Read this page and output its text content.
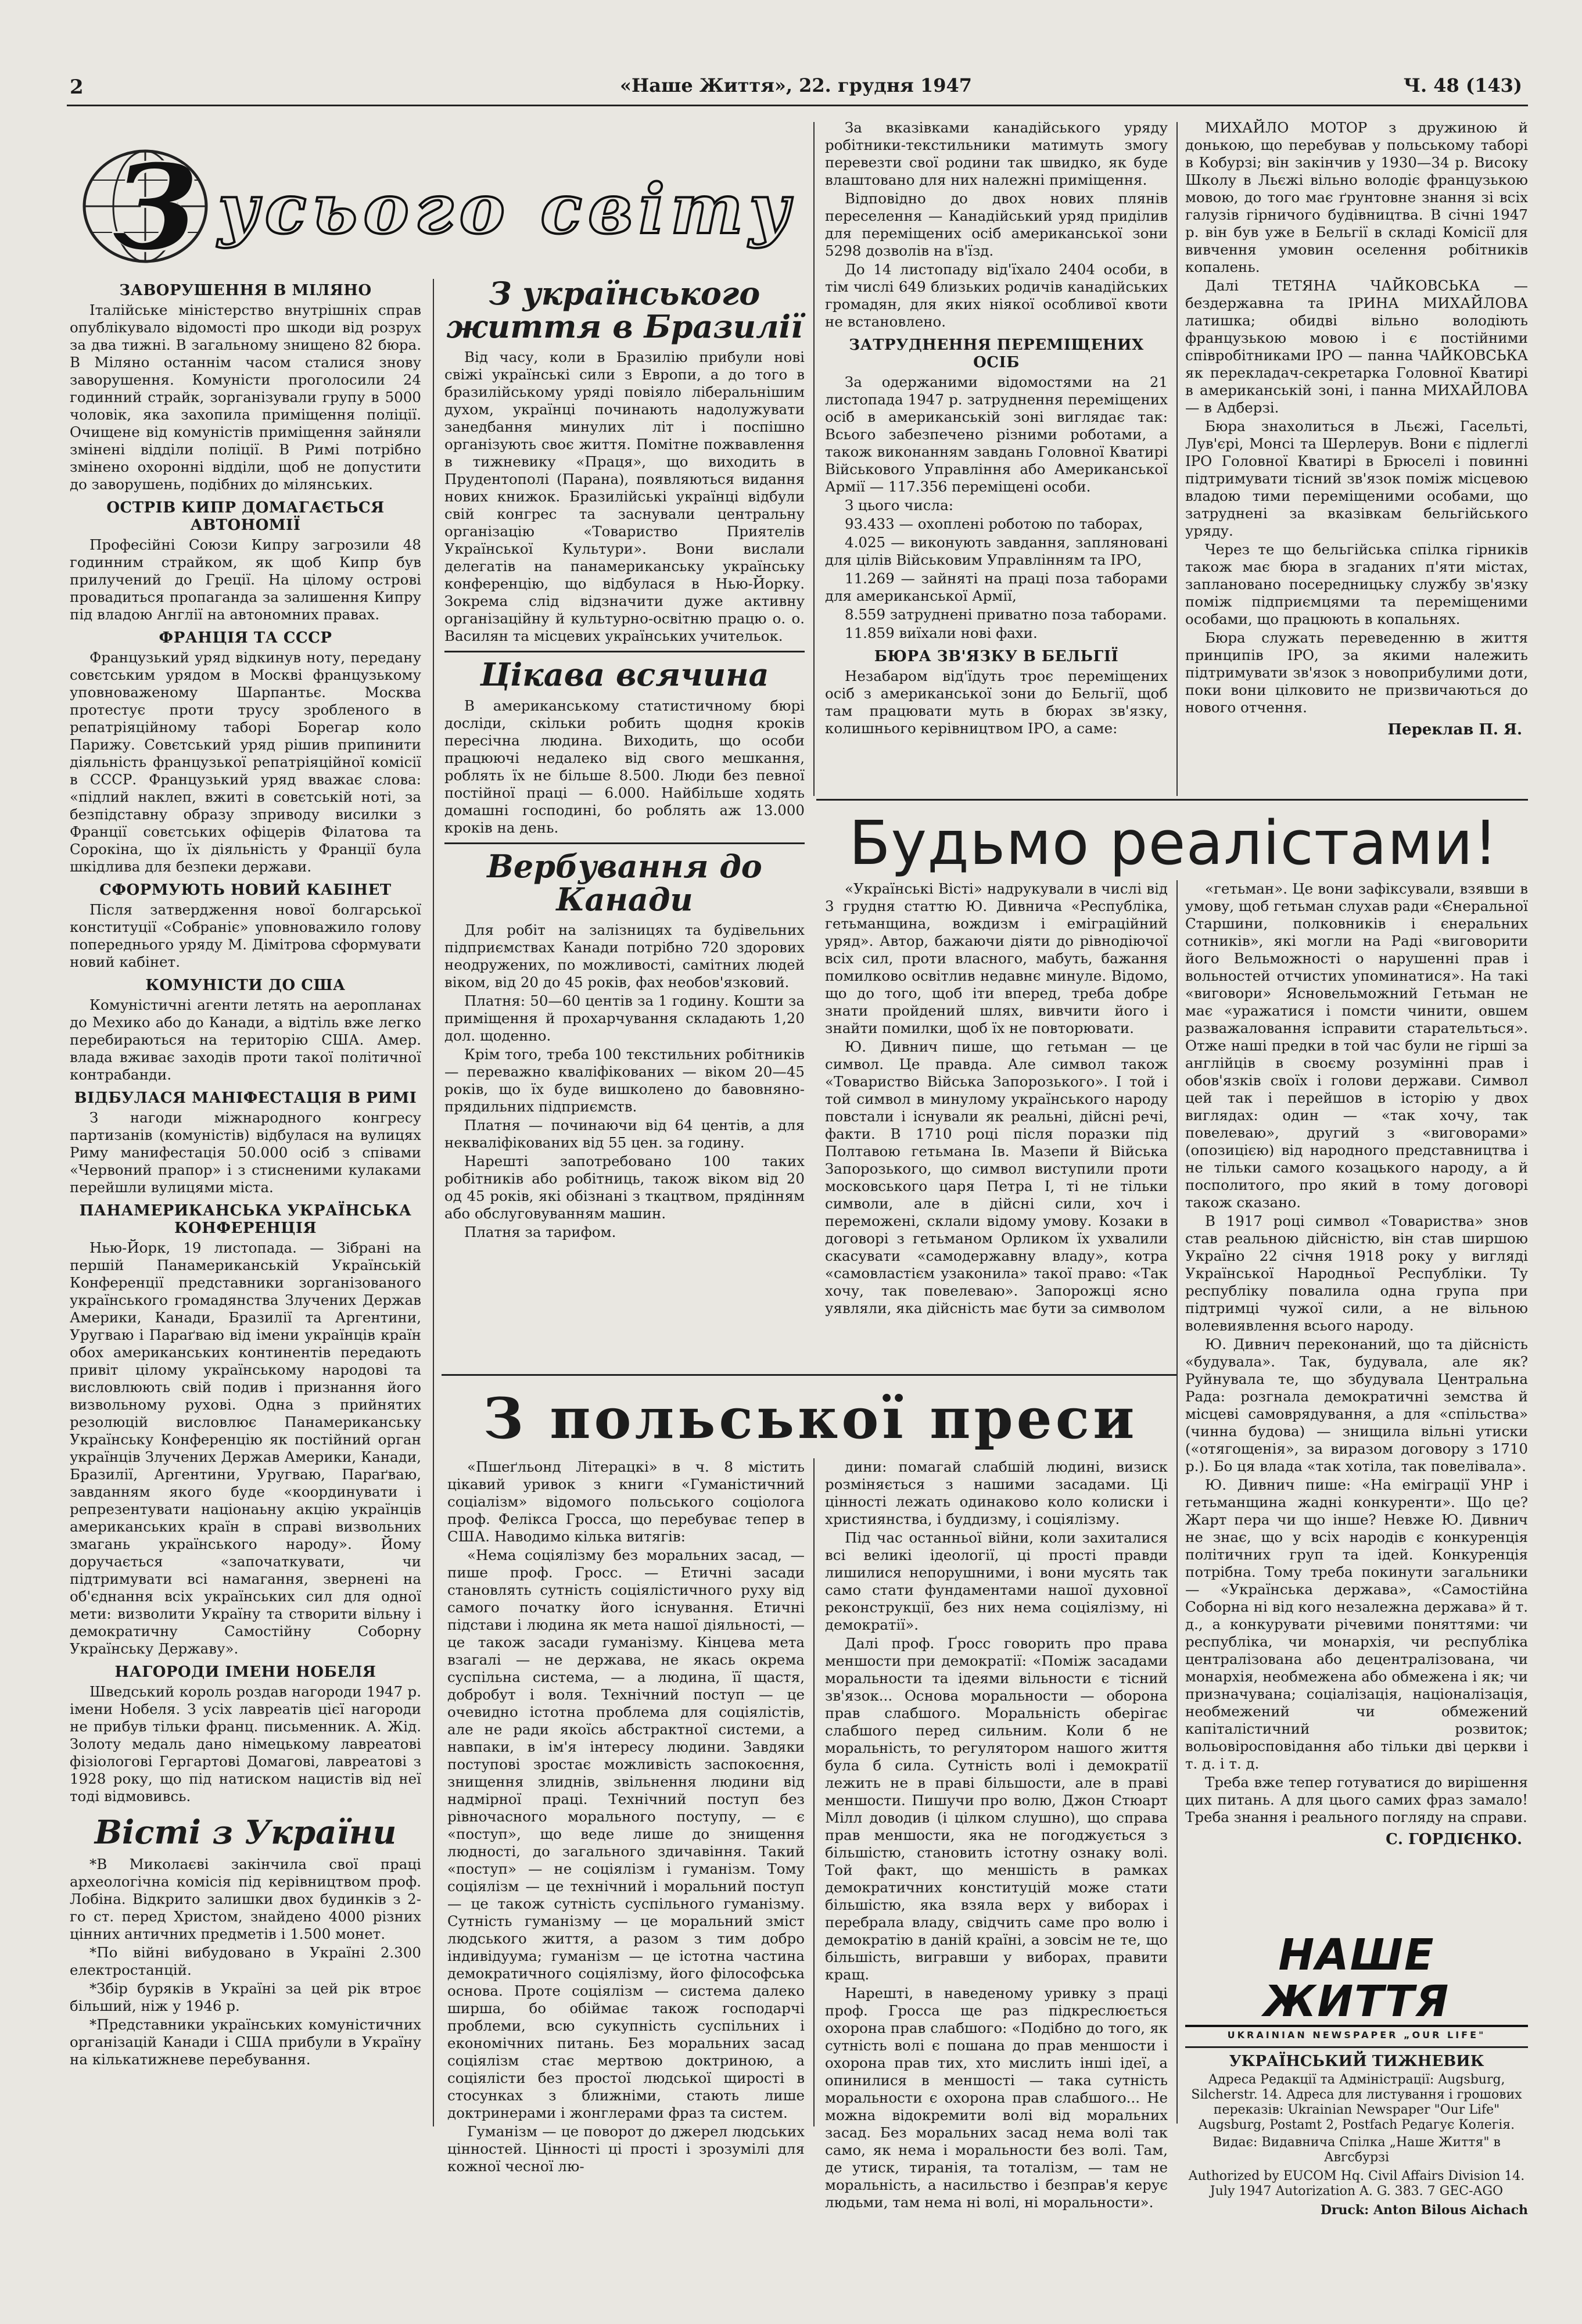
2	«Наше Життя», 22. грудня 1947	Ч. 48 (143)
З усього світу
ЗАВОРУШЕННЯ В МІЛЯНО

Італійське міністерство внутрішніх справ опублікувало відомості про шкоди від розрух за два тижні. В загальному знищено 82 бюра. В Міляно останнім часом сталися знову заворушення. Комуністи проголосили 24 годинний страйк, зорганізували групу в 5000 чоловік, яка захопила приміщення поліції. Очищене від комуністів приміщення зайняли змінені відділи поліції. В Римі потрібно змінено охоронні відділи, щоб не допустити до заворушень, подібних до мілянських.

ОСТРІВ КИПР ДОМАГАЄТЬСЯ АВТОНОМІЇ

Професійні Союзи Кипру загрозили 48 годинним страйком, як щоб Кипр був прилучений до Греції. На цілому острові провадиться пропаганда за залишення Кипру під владою Англії на автономних правах.

ФРАНЦІЯ ТА СССР

Французький уряд відкинув ноту, передану совєтським урядом в Москві французькому уповноваженому Шарпантьє. Москва протестує проти трусу зробленого в репатріяційному таборі Борегар коло Парижу. Совєтський уряд рішив припинити діяльність французької репатріяційної комісії в СССР. Французький уряд вважає слова: «підлий наклеп, вжиті в совєтській ноті, за безпідставну образу зприводу висилки з Франції совєтських офіцерів Філатова та Сорокіна, що їх діяльність у Франції була шкідлива для безпеки держави.

СФОРМУЮТЬ НОВИЙ КАБІНЕТ

Після затвердження нової болгарської конституції «Собраніє» уповноважило голову попереднього уряду М. Дімітрова сформувати новий кабінет.

КОМУНІСТИ ДО США

Комуністичні агенти летять на аеропланах до Мехико або до Канади, а відтіль вже легко перебираються на територію США. Амер. влада вживає заходів проти такої політичної контрабанди.

ВІДБУЛАСЯ МАНІФЕСТАЦІЯ В РИМІ

З нагоди міжнародного конгресу партизанів (комуністів) відбулася на вулицях Риму манифестація 50.000 осіб з співами «Червоний прапор» і з стисненими кулаками перейшли вулицями міста.

ПАНАМЕРИКАНСЬКА УКРАЇНСЬКА КОНФЕРЕНЦІЯ

Нью-Йорк, 19 листопада. — Зібрані на першій Панамериканській Українській Конференції представники зорганізованого українського громадянства Злучених Держав Америки, Канади, Бразилії та Аргентини, Уругваю і Параґваю від імени українців країн обох американських континентів передають привіт цілому українському народові та висловлюють свій подив і признання його визвольному рухові. Одна з прийнятих резолюцій висловлює Панамериканську Українську Конференцію як постійний орган українців Злучених Держав Америки, Канади, Бразилії, Аргентини, Уругваю, Параґваю, завданням якого буде «координувати і репрезентувати націонаьну акцію українців американських країн в справі визвольних змагань українського народу». Йому доручається «започаткувати, чи підтримувати всі намагання, звернені на об'єднання всіх українських сил для одної мети: визволити Україну та створити вільну і демократичну Самостійну Соборну Українську Державу».

НАГОРОДИ ІМЕНИ НОБЕЛЯ

Шведський король роздав нагороди 1947 р. імени Нобеля. З усіх лавреатів цієї нагороди не прибув тільки франц. письменник. А. Жід. Золоту медаль дано німецькому лавреатові фізіологові Гергартові Домагові, лавреатові з 1928 року, що під натиском нацистів від неї тоді відмовивсь.

Вісті з України

* В Миколаєві закінчила свої праці археологічна комісія під керівництвом проф. Лобіна. Відкрито залишки двох будинків з 2-го ст. перед Христом, знайдено 4000 різних цінних античних предметів і 1.500 монет.

* По війні вибудовано в Україні 2.300 електростанцій.

* Збір буряків в Україні за цей рік втроє більший, ніж у 1946 р.

* Представники українських комуністичних організацій Канади і США прибули в Україну на кількатижневе перебування.

З українського життя в Бразилії

Від часу, коли в Бразилію прибули нові свіжі українські сили з Европи, а до того в бразилійському уряді повіяло ліберальнішим духом, українці починають надолужувати занедбання минулих літ і поспішно організують своє життя. Помітне пожвавлення в тижневику «Праця», що виходить в Прудентополі (Парана), появляються видання нових книжок. Бразилійські українці відбули свій конгрес та заснували центральну організацію «Товариство Приятелів Української Культури». Вони вислали делегатів на панамериканську українську конференцію, що відбулася в Нью-Йорку. Зокрема слід відзначити дуже активну організаційну й культурно-освітню працю о. о. Василян та місцевих українських учительок.

Цікава всячина

В американському статистичному бюрі досліди, скільки робить щодня кроків пересічна людина. Виходить, що особи працюючі недалеко від свого мешкання, роблять їх не більше 8.500. Люди без певної постійної праці — 6.000. Найбільше ходять домашні господині, бо роблять аж 13.000 кроків на день.

Вербування до Канади

Для робіт на залізницях та будівельних підприємствах Канади потрібно 720 здорових неодружених, по можливості, самітних людей віком, від 20 до 45 років, фах необов'язковий.

Платня: 50—60 центів за 1 годину. Кошти за приміщення й прохарчування складають 1,20 дол. щоденно.

Крім того, треба 100 текстильних робітників — переважно кваліфікованих — віком 20—45 років, що їх буде вишколено до бавовняно-прядильних підприємств.

Платня — починаючи від 64 центів, а для некваліфікованих від 55 цен. за годину.

Нарешті запотребовано 100 таких робітників або робітниць, також віком від 20 од 45 років, які обізнані з ткацтвом, прядінням або обслуговуванням машин.

Платня за тарифом.

За вказівками канадійського уряду робітники-текстильники матимуть змогу перевезти свої родини так швидко, як буде влаштовано для них належні приміщення.

Відповідно до двох нових плянів переселення — Канадійський уряд приділив для переміщених осіб американської зони 5298 дозволів на в'їзд.

До 14 листопаду від'їхало 2404 особи, в тім числі 649 близьких родичів канадійських громадян, для яких ніякої особливої квоти не встановлено.

ЗАТРУДНЕННЯ ПЕРЕМІЩЕНИХ ОСІБ

За одержаними відомостями на 21 листопада 1947 р. затруднення переміщених осіб в американській зоні виглядає так: Всього забезпечено різними роботами, а також виконанням завдань Головної Кватирі Військового Управління або Американської Армії — 117.356 переміщені особи.

З цього числа:

93.433 — охоплені роботою по таборах,

4.025 — виконують завдання, запляновані для цілів Військовим Управлінням та ІРО,

11.269 — зайняті на праці поза таборами для американської Армії,

8.559 затруднені приватно поза таборами.

11.859 виїхали нові фахи.

БЮРА ЗВ'ЯЗКУ В БЕЛЬГІЇ

Незабаром від'їдуть троє переміщених осіб з американської зони до Бельгії, щоб там працювати муть в бюрах зв'язку, колишнього керівництвом ІРО, а саме:

МИХАЙЛО МОТОР з дружиною й донькою, що перебував у польському таборі в Кобурзі; він закінчив у 1930—34 р. Високу Школу в Льєжі вільно володіє французькою мовою, до того має ґрунтовне знання зі всіх галузів гірничого будівництва. В січні 1947 р. він був уже в Бельгії в складі Комісії для вивчення умовин оселення робітників копалень.

Далі ТЕТЯНА ЧАЙКОВСЬКА — бездержавна та ІРИНА МИХАЙЛОВА латишка; обидві вільно володіють французькою мовою і є постійними співробітниками ІРО — панна ЧАЙКОВСЬКА як перекладач-секретарка Головної Кватирі в американській зоні, і панна МИХАЙЛОВА — в Адберзі.

Бюра знахолиться в Льєжі, Гасельті, Лув'єрі, Монсі та Шерлерув. Вони є підлеглі ІРО Головної Кватирі в Брюселі і повинні підтримувати тісний зв'язок поміж місцевою владою тими переміщеними особами, що затруднені за вказівкам бельгійського уряду.

Через те що бельгійська спілка гірників також має бюра в згаданих п'яти містах, заплановано посередницьку службу зв'язку поміж підприємцями та переміщеними особами, що працюють в копальнях.

Бюра служать переведенню в життя принципів ІРО, за якими належить підтримувати зв'язок з новоприбулими доти, поки вони цілковито не призвичаються до нового отчення.

Переклав П. Я.
Будьмо реалістами!

«Українські Вісті» надрукували в числі від 3 грудня статтю Ю. Дивнича «Республіка, гетьманщина, вождизм і еміграційний уряд». Автор, бажаючи діяти до рівнодіючої всіх сил, проти власного, мабуть, бажання помилково освітлив недавнє минуле. Відомо, що до того, щоб іти вперед, треба добре знати пройдений шлях, вивчити його і знайти помилки, щоб їх не повторювати.

Ю. Дивнич пише, що гетьман — це символ. Це правда. Але символ також «Товариство Війська Запорозького». І той і той символ в минулому українського народу повстали і існували як реальні, дійсні речі, факти. В 1710 році після поразки під Полтавою гетьмана Ів. Мазепи й Війська Запорозького, що символ виступили проти московського царя Петра І, ті не тільки символи, але в дійсні сили, хоч і переможені, склали відому умову. Козаки в договорі з гетьманом Орликом їх ухвалили скасувати «самодержавну владу», котра «самовластієм узаконила» такої право: «Так хочу, так повелеваю». Запорожці ясно уявляли, яка дійсність має бути за символом

«гетьман». Це вони зафіксували, взявши в умову, щоб гетьман слухав ради «Єнеральної Старшини, полковників і єнеральних сотників», які могли на Раді «виговорити його Вельможності о нарушенні прав і вольностей отчистих упоминатися». На такі «виговори» Ясновельможний Гетьман не має «уражатися і помсти чинити, овшем разважаловання ісправити старательться». Отже наші предки в той час були не гірші за англійців в своєму розумінні прав і обов'язків своїх і голови держави. Символ цей так і перейшов в історію у двох виглядах: один — «так хочу, так повелеваю», другий з «виговорами» (опозицією) від народного представництва і не тільки самого козацького народу, а й посполитого, про який в тому договорі також сказано.

В 1917 році символ «Товариства» знов став реальною дійсністю, він став ширшою Україно 22 січня 1918 року у вигляді Української Народньої Республіки. Ту республіку повалила одна група при підтримці чужої сили, а не вільною волевиявлення всього народу.

Ю. Дивнич переконаний, що та дійсність «будувала». Так, будувала, але як? Руйнувала те, що збудувала Центральна Рада: розгнала демократичні земства й місцеві самоврядування, а для «спільства» (чинна будова) — знищила вільні утиски («отягощенія», за виразом договору з 1710 р.). Бо ця влада «так хотіла, так повелівала».

Ю. Дивнич пише: «На еміграції УНР і гетьманщина жадні конкуренти». Що це? Жарт пера чи що інше? Невже Ю. Дивнич не знає, що у всіх народів є конкуренція політичних груп та ідей. Конкуренція потрібна. Тому треба покинути загальники — «Українська держава», «Самостійна Соборна ні від кого незалежна держава» й т. д., а конкурувати річевими поняттями: чи республіка, чи монархія, чи республіка централізована або децентралізована, чи монархія, необмежена або обмежена і як; чи призначувана; соціалізація, націоналізація, необмежений чи обмежений капіталістичний розвиток; вольовіросповідання або тільки дві церкви і т. д. і т. д.

Треба вже тепер готуватися до вирішення цих питань. А для цього самих фраз замало! Треба знання і реального погляду на справи.

С. ГОРДІЄНКО.
З польської преси

«Пшеґльонд Літерацкі» в ч. 8 містить цікавий уривок з книги «Гуманістичний соціалізм» відомого польського соціолога проф. Фелікса Гросса, що перебуває тепер в США. Наводимо кілька витягів:

«Нема соціялізму без моральних засад, — пише проф. Гросс. — Етичні засади становлять сутність соціялістичного руху від самого початку його існування. Етичні підстави і людина як мета нашої діяльності, — це також засади гуманізму. Кінцева мета взагалі — не держава, не якась окрема суспільна система, — а людина, її щастя, добробут і воля. Технічний поступ — це очевидно істотна проблема для соціялістів, але не ради якоїсь абстрактної системи, а навпаки, в ім'я інтересу людини. Завдяки поступові зростає можливість заспокоєння, знищення злиднів, звільнення людини від надмірної праці. Технічний поступ без рівночасного морального поступу, — є «поступ», що веде лише до знищення людності, до загального здичавіння. Такий «поступ» — не соціялізм і гуманізм. Тому соціялізм — це технічний і моральний поступ — це також сутність суспільного гуманізму. Сутність гуманізму — це моральний зміст людського життя, а разом з тим добро індивідуума; гуманізм — це істотна частина демократичного соціялізму, його філософська основа. Проте соціялізм — система далеко ширша, бо обіймає також господарчі проблеми, всю сукупність суспільних і економічних питань. Без моральних засад соціялізм стає мертвою доктриною, а соціялісти без простої людської щирості в стосунках з ближніми, стають лише доктринерами і жонглерами фраз та систем.

Гуманізм — це поворот до джерел людських цінностей. Цінності ці прості і зрозумілі для кожної чесної лю-

дини: помагай слабшій людині, визиск розміняється з нашими засадами. Ці цінності лежать одинаково коло колиски і християнства, і буддизму, і соціялізму.

Під час останньої війни, коли захиталися всі великі ідеології, ці прості правди лишилися непорушними, і вони мусять так само стати фундаментами нашої духовної реконструкції, без них нема соціялізму, ні демократії».

Далі проф. Ґросс говорить про права меншости при демократії: «Поміж засадами моральности та ідеями вільности є тісний зв'язок... Основа моральности — оборона прав слабшого. Моральність оберігає слабшого перед сильним. Коли б не моральність, то регулятором нашого життя була б сила. Сутність волі і демократії лежить не в праві більшости, але в праві меншости. Пишучи про волю, Джон Стюарт Мілл доводив (і цілком слушно), що справа прав меншости, яка не погоджується з більшістю, становить істотну ознаку волі. Той факт, що меншість в рамках демократичних конституцій може стати більшістю, яка взяла верх у виборах і перебрала владу, свідчить саме про волю і демократію в даній країні, а зовсім не те, що більшість, вигравши у виборах, правити кращ.

Нарешті, в наведеному уривку з праці проф. Гросса ще раз підкреслюється охорона прав слабшого: «Подібно до того, як сутність волі є пошана до прав меншости і охорона прав тих, хто мислить інші ідеї, а опинилися в меншості — така сутність моральности є охорона прав слабшого... Не можна відокремити волі від моральних засад. Без моральних засад нема волі так само, як нема і моральности без волі. Там, де утиск, тиранія, та тоталізм, — там не моральність, а насильство і безправ'я керує людьми, там нема ні волі, ні моральности».

НАШЕ ЖИТТЯ
UKRAINIAN NEWSPAPER „OUR LIFE"
УКРАЇНСЬКИЙ ТИЖНЕВИК
Адреса Редакції та Адміністрації: Augsburg, Silcherstr. 14. Адреса для листування і грошових переказів: Ukrainian Newspaper "Our Life" Augsburg, Postamt 2, Postfach Редагує Колегія.
Видає: Видавнича Спілка „Наше Життя" в Авгсбурзі
Authorized by EUCOM Hq. Civil Affairs Division 14. July 1947 Autorization A. G. 383. 7 GEC-AGO
Druck: Anton Bilous Aichach
